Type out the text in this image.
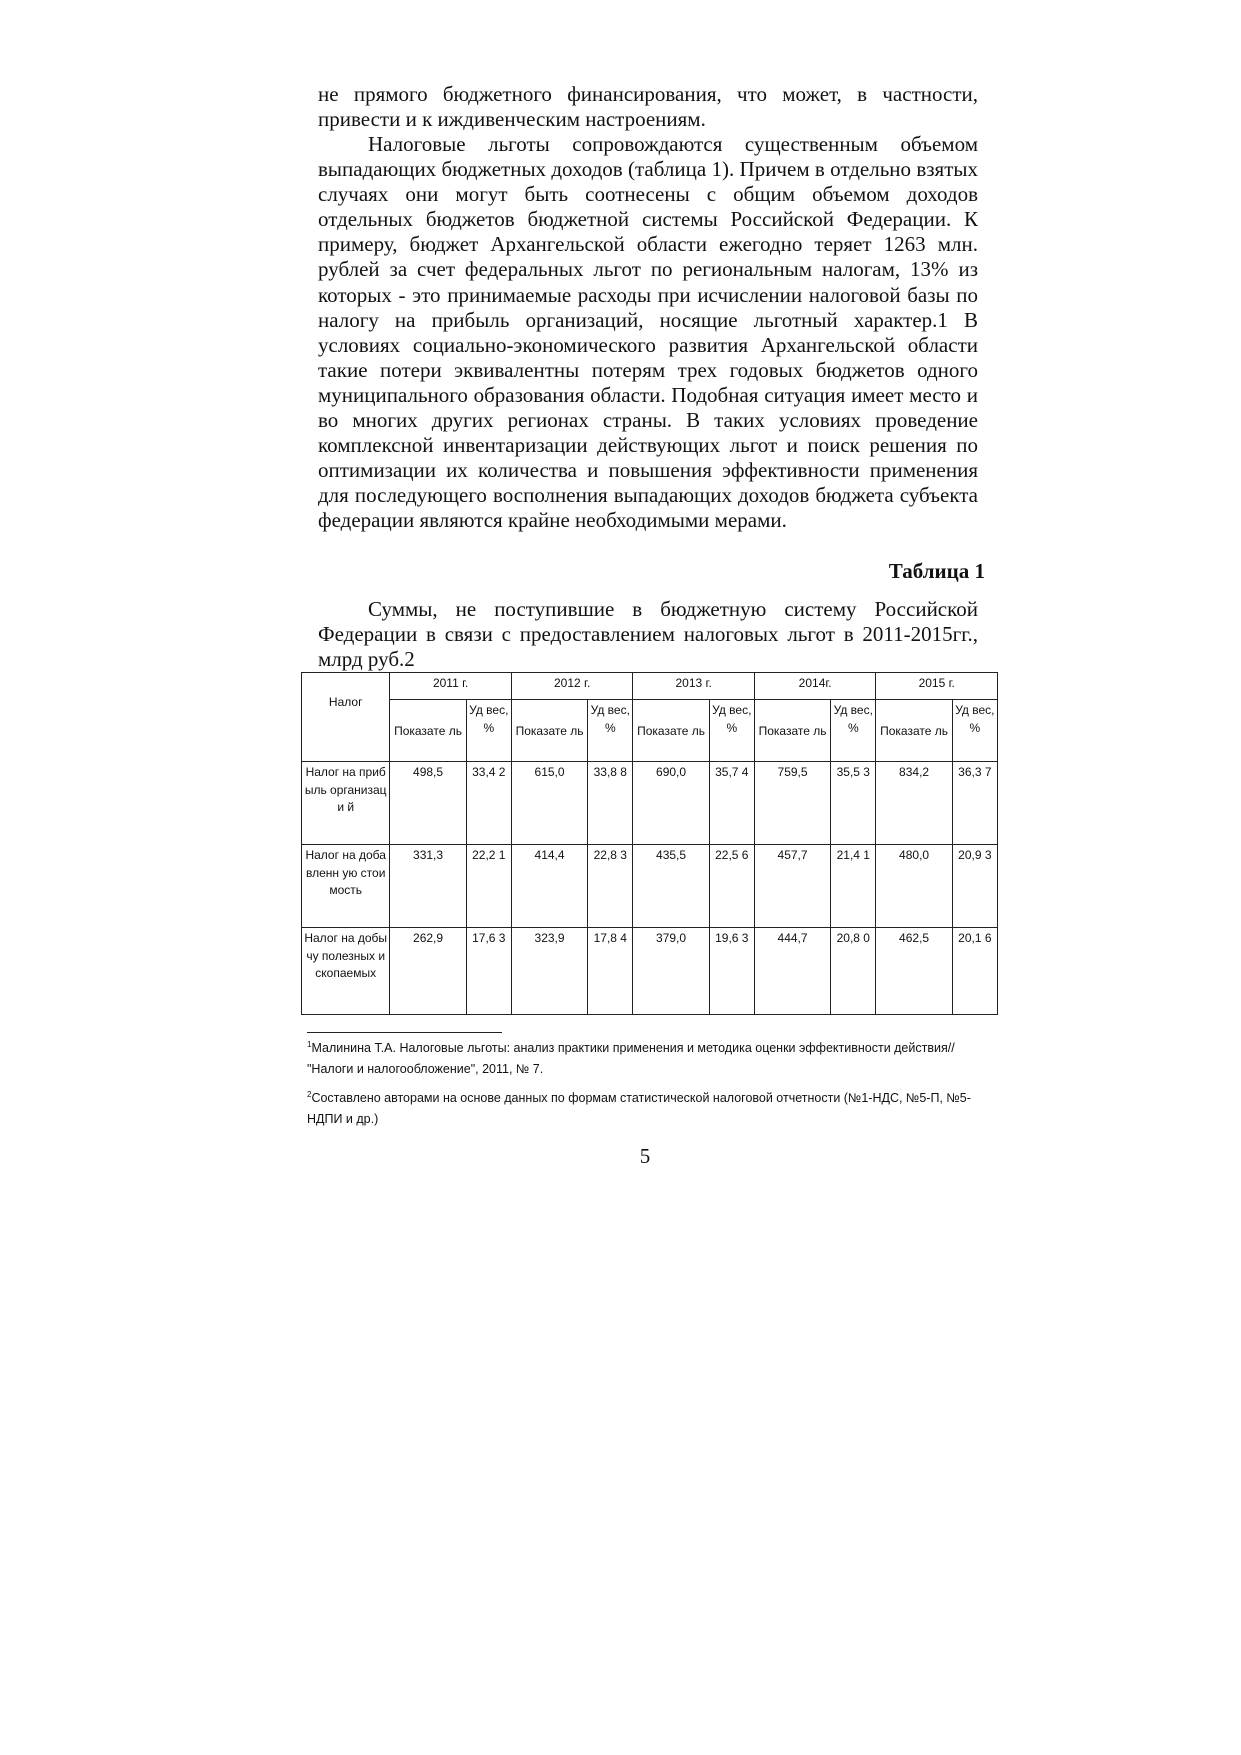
не прямого бюджетного финансирования, что может, в частности, привести и к иждивенческим настроениям.

Налоговые льготы сопровождаются существенным объемом выпадающих бюджетных доходов (таблица 1). Причем в отдельно взятых случаях они могут быть соотнесены с общим объемом доходов отдельных бюджетов бюджетной системы Российской Федерации. К примеру, бюджет Архангельской области ежегодно теряет 1263 млн. рублей за счет федеральных льгот по региональным налогам, 13% из которых - это принимаемые расходы при исчислении налоговой базы по налогу на прибыль организаций, носящие льготный характер.1 В условиях социально-экономического развития Архангельской области такие потери эквивалентны потерям трех годовых бюджетов одного муниципального образования области. Подобная ситуация имеет место и во многих других регионах страны. В таких условиях проведение комплексной инвентаризации действующих льгот и поиск решения по оптимизации их количества и повышения эффективности применения для последующего восполнения выпадающих доходов бюджета субъекта федерации являются крайне необходимыми мерами.

Таблица 1

Суммы, не поступившие в бюджетную систему Российской Федерации в связи с предоставлением налоговых льгот в 2011-2015гг., млрд руб.2

Налог	2011 г.		2012 г.		2013 г.		2014г.		2015 г.	
	Показате ль	Уд вес, %	Показате ль	Уд вес, %	Показате ль	Уд вес, %	Показате ль	Уд вес, %	Показате ль	Уд вес, %
Налог на прибыль организаци й	498,5	33,4 2	615,0	33,8 8	690,0	35,7 4	759,5	35,5 3	834,2	36,3 7
Налог на добавленн ую стоимость	331,3	22,2 1	414,4	22,8 3	435,5	22,5 6	457,7	21,4 1	480,0	20,9 3
Налог на добычу полезных ископаемых	262,9	17,6 3	323,9	17,8 4	379,0	19,6 3	444,7	20,8 0	462,5	20,1 6
$^1$Малинина Т.А. Налоговые льготы: анализ практики применения и методика оценки эффективности действия// "Налоги и налогообложение", 2011, № 7.
$^2$Составлено авторами на основе данных по формам статистической налоговой отчетности (№1-НДС, №5-П, №5-НДПИ и др.)
5
